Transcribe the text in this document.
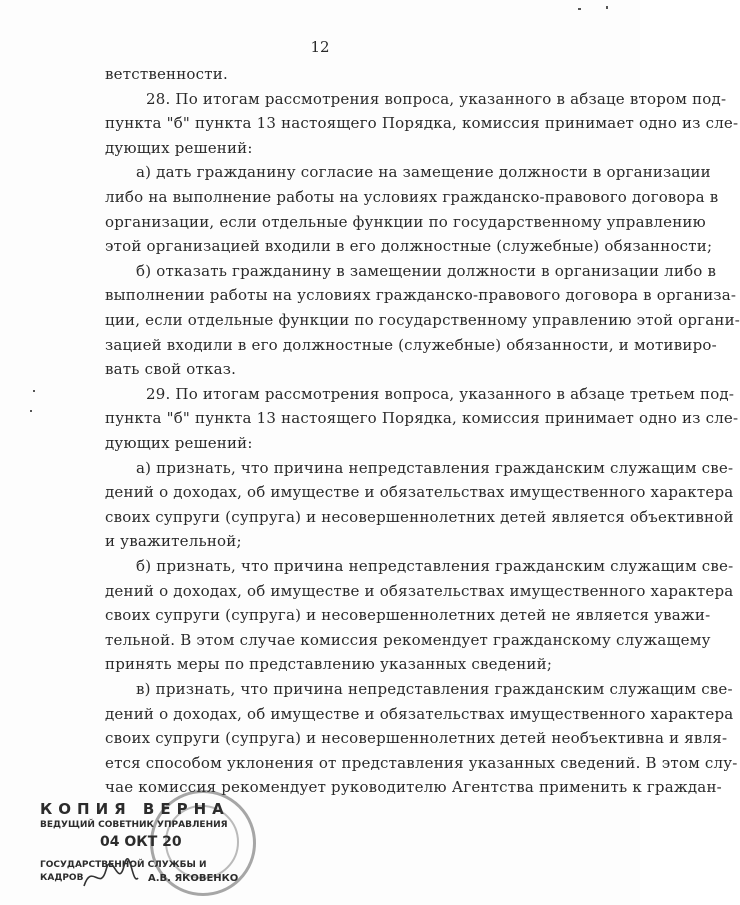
12
ветственности.
28. По итогам рассмотрения вопроса, указанного в абзаце втором под-
пункта "б" пункта 13 настоящего Порядка, комиссия принимает одно из сле-
дующих решений:
а) дать гражданину согласие на замещение должности в организации
либо на выполнение работы на условиях гражданско-правового договора в
организации, если отдельные функции по государственному управлению
этой организацией входили в его должностные (служебные) обязанности;
б) отказать гражданину в замещении должности в организации либо в
выполнении работы на условиях гражданско-правового договора в организа-
ции, если отдельные функции по государственному управлению этой органи-
зацией входили в его должностные (служебные) обязанности, и мотивиро-
вать свой отказ.
29. По итогам рассмотрения вопроса, указанного в абзаце третьем под-
пункта "б" пункта 13 настоящего Порядка, комиссия принимает одно из сле-
дующих решений:
а) признать, что причина непредставления гражданским служащим све-
дений о доходах, об имуществе и обязательствах имущественного характера
своих супруги (супруга) и несовершеннолетних детей является объективной
и уважительной;
б) признать, что причина непредставления гражданским служащим све-
дений о доходах, об имуществе и обязательствах имущественного характера
своих супруги (супруга) и несовершеннолетних детей не является уважи-
тельной. В этом случае комиссия рекомендует гражданскому служащему
принять меры по представлению указанных сведений;
в) признать, что причина непредставления гражданским служащим све-
дений о доходах, об имуществе и обязательствах имущественного характера
своих супруги (супруга) и несовершеннолетних детей необъективна и явля-
ется способом уклонения от представления указанных сведений. В этом слу-
чае комиссия рекомендует руководителю Агентства применить к граждан-
КОПИЯ ВЕРНА
ВЕДУЩИЙ СОВЕТНИК УПРАВЛЕНИЯ
04 ОКТ 20
ГОСУДАРСТВЕННОЙ СЛУЖБЫ И
КАДРОВ	А.В. ЯКОВЕНКО
